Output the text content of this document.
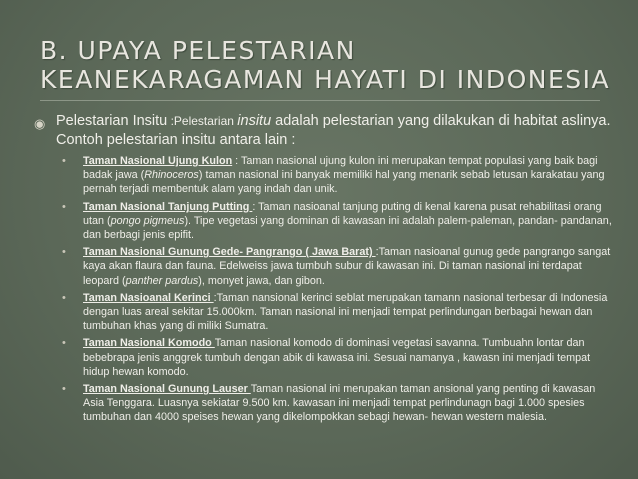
B. UPAYA PELESTARIAN
KEANEKARAGAMAN HAYATI DI INDONESIA
◉ Pelestarian Insitu :Pelestarian insitu adalah pelestarian yang dilakukan di habitat aslinya. Contoh pelestarian insitu antara lain :
• Taman Nasional Ujung Kulon : Taman nasional ujung kulon ini merupakan tempat populasi yang baik bagi badak jawa (Rhinoceros) taman nasional ini banyak memiliki hal yang menarik sebab letusan karakatau yang pernah terjadi membentuk alam yang indah dan unik.
• Taman Nasional Tanjung Putting : Taman nasioanal tanjung puting di kenal karena pusat rehabilitasi orang utan (pongo pigmeus). Tipe vegetasi yang dominan di kawasan ini adalah palem-paleman, pandan- pandanan, dan berbagi jenis epifit.
• Taman Nasional Gunung Gede- Pangrango ( Jawa Barat) :Taman nasioanal gunug gede pangrango sangat kaya akan flaura dan fauna. Edelweiss jawa tumbuh subur di kawasan ini. Di taman nasional ini terdapat leopard (panther pardus), monyet jawa, dan gibon.
• Taman Nasioanal Kerinci :Taman nansional kerinci seblat merupakan tamann nasional terbesar di Indonesia dengan luas areal sekitar 15.000km. Taman nasional ini menjadi tempat perlindungan berbagai hewan dan tumbuhan khas yang di miliki Sumatra.
• Taman Nasional Komodo Taman nasional komodo di dominasi vegetasi savanna. Tumbuahn lontar dan bebebrapa jenis anggrek tumbuh dengan abik di kawasa ini. Sesuai namanya , kawasn ini menjadi tempat hidup hewan komodo.
• Taman Nasional Gunung Lauser Taman nasional ini merupakan taman ansional yang penting di kawasan Asia Tenggara. Luasnya sekiatar 9.500 km. kawasan ini menjadi tempat perlindunagn bagi 1.000 spesies tumbuhan dan 4000 speises hewan yang dikelompokkan sebagi hewan- hewan western malesia.
